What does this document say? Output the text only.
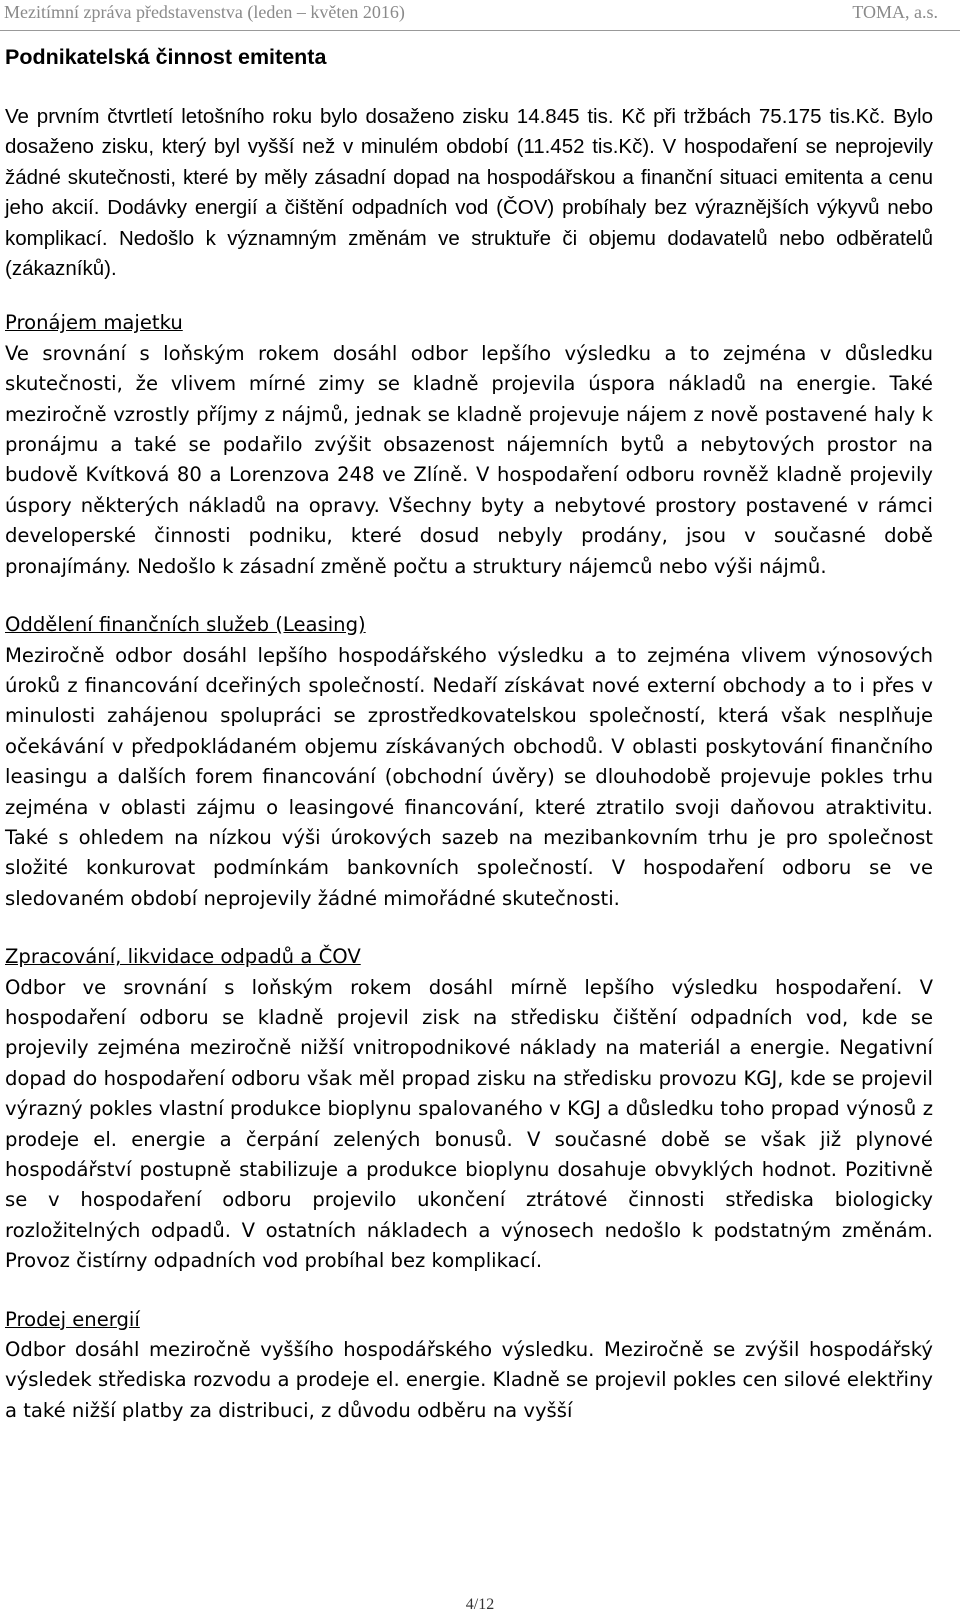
Mezitímní zpráva představenstva (leden – květen 2016)	TOMA, a.s.
Podnikatelská činnost emitenta

Ve prvním čtvrtletí letošního roku bylo dosaženo zisku 14.845 tis. Kč při tržbách 75.175 tis.Kč. Bylo dosaženo zisku, který byl vyšší než v minulém období (11.452 tis.Kč). V hospodaření se neprojevily žádné skutečnosti, které by měly zásadní dopad na hospodářskou a finanční situaci emitenta a cenu jeho akcií. Dodávky energií a čištění odpadních vod (ČOV) probíhaly bez výraznějších výkyvů nebo komplikací. Nedošlo k významným změnám ve struktuře či objemu dodavatelů nebo odběratelů (zákazníků).

Pronájem majetku

Ve srovnání s loňským rokem dosáhl odbor lepšího výsledku a to zejména v důsledku skutečnosti, že vlivem mírné zimy se kladně projevila úspora nákladů na energie. Také meziročně vzrostly příjmy z nájmů, jednak se kladně projevuje nájem z nově postavené haly k pronájmu a také se podařilo zvýšit obsazenost nájemních bytů a nebytových prostor na budově Kvítková 80 a Lorenzova 248 ve Zlíně. V hospodaření odboru rovněž kladně projevily úspory některých nákladů na opravy. Všechny byty a nebytové prostory postavené v rámci developerské činnosti podniku, které dosud nebyly prodány, jsou v současné době pronajímány. Nedošlo k zásadní změně počtu a struktury nájemců nebo výši nájmů.

Oddělení finančních služeb (Leasing)

Meziročně odbor dosáhl lepšího hospodářského výsledku a to zejména vlivem výnosových úroků z financování dceřiných společností. Nedaří získávat nové externí obchody a to i přes v minulosti zahájenou spolupráci se zprostředkovatelskou společností, která však nesplňuje očekávání v předpokládaném objemu získávaných obchodů. V oblasti poskytování finančního leasingu a dalších forem financování (obchodní úvěry) se dlouhodobě projevuje pokles trhu zejména v oblasti zájmu o leasingové financování, které ztratilo svoji daňovou atraktivitu. Také s ohledem na nízkou výši úrokových sazeb na mezibankovním trhu je pro společnost složité konkurovat podmínkám bankovních společností. V hospodaření odboru se ve sledovaném období neprojevily žádné mimořádné skutečnosti.

Zpracování, likvidace odpadů a ČOV

Odbor ve srovnání s loňským rokem dosáhl mírně lepšího výsledku hospodaření. V hospodaření odboru se kladně projevil zisk na středisku čištění odpadních vod, kde se projevily zejména meziročně nižší vnitropodnikové náklady na materiál a energie. Negativní dopad do hospodaření odboru však měl propad zisku na středisku provozu KGJ, kde se projevil výrazný pokles vlastní produkce bioplynu spalovaného v KGJ a důsledku toho propad výnosů z prodeje el. energie a čerpání zelených bonusů. V současné době se však již plynové hospodářství postupně stabilizuje a produkce bioplynu dosahuje obvyklých hodnot. Pozitivně se v hospodaření odboru projevilo ukončení ztrátové činnosti střediska biologicky rozložitelných odpadů. V ostatních nákladech a výnosech nedošlo k podstatným změnám. Provoz čistírny odpadních vod probíhal bez komplikací.

Prodej energií

Odbor dosáhl meziročně vyššího hospodářského výsledku. Meziročně se zvýšil hospodářský výsledek střediska rozvodu a prodeje el. energie. Kladně se projevil pokles cen silové elektřiny a také nižší platby za distribuci, z důvodu odběru na vyšší

4/12
